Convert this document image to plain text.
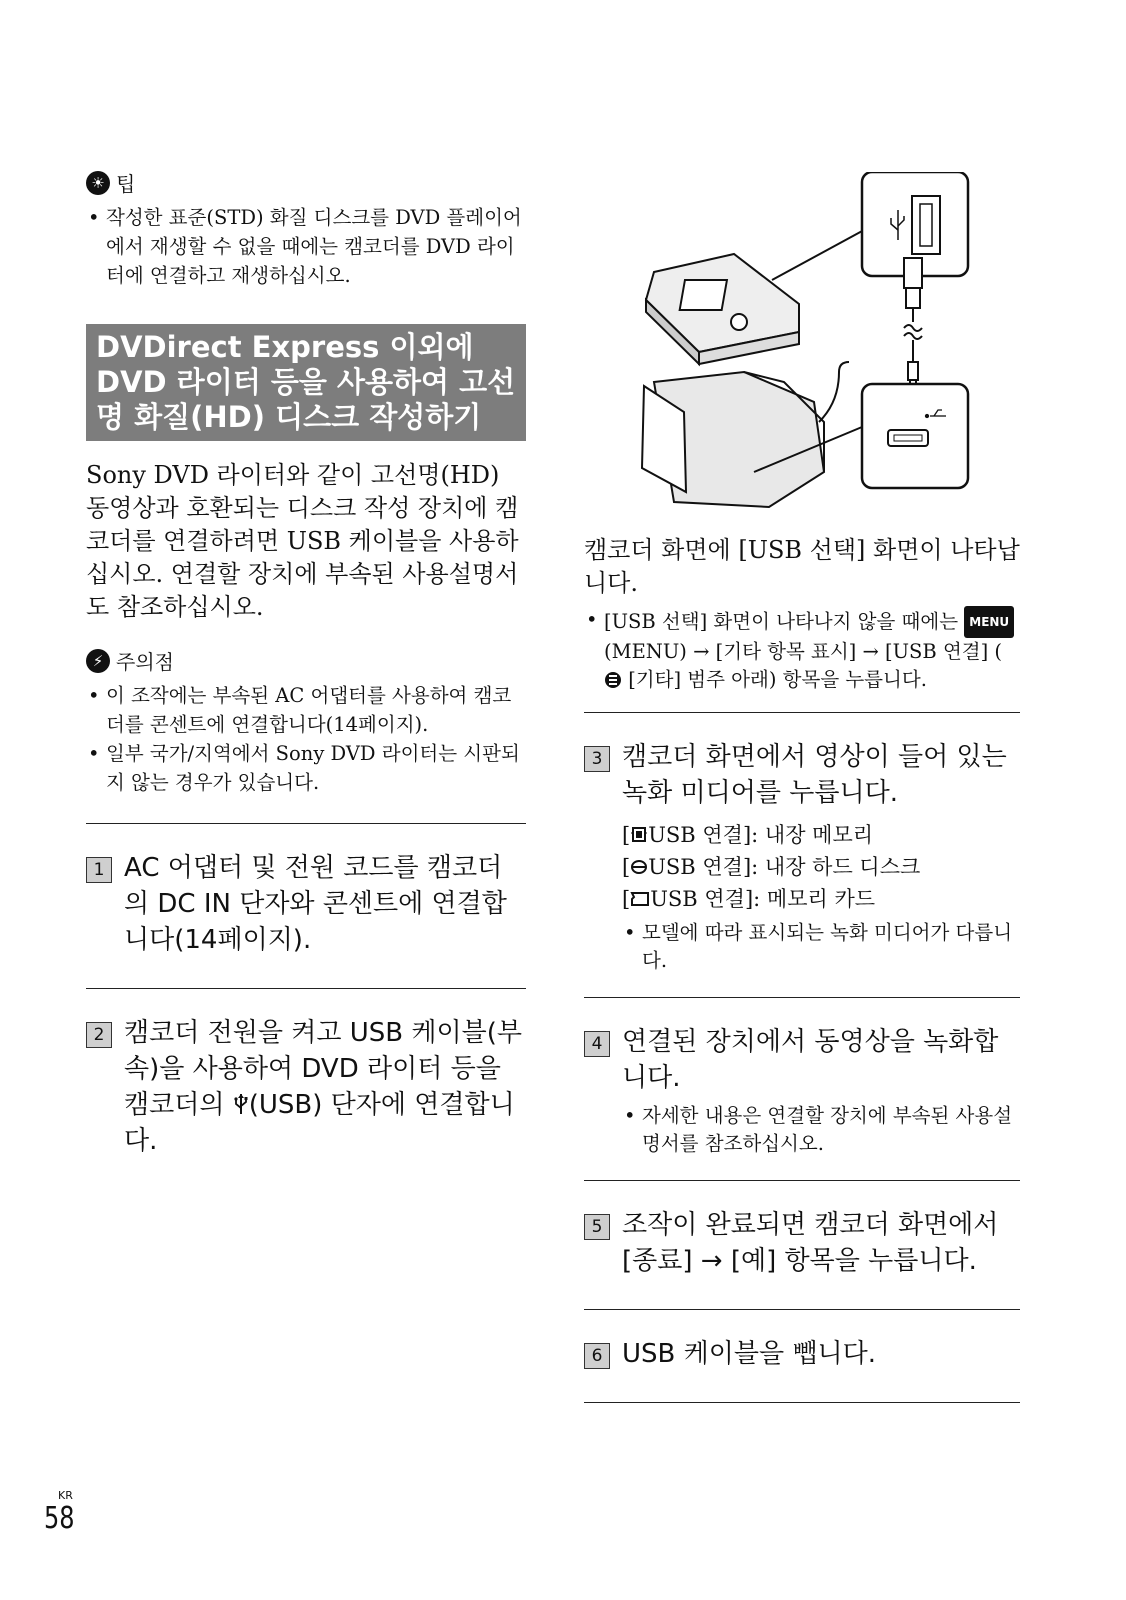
☀ 팁
• 작성한 표준(STD) 화질 디스크를 DVD 플레이어에서 재생할 수 없을 때에는 캠코더를 DVD 라이터에 연결하고 재생하십시오.
DVDirect Express 이외에
DVD 라이터 등을 사용하여 고선
명 화질(HD) 디스크 작성하기

Sony DVD 라이터와 같이 고선명(HD) 동영상과 호환되는 디스크 작성 장치에 캠코더를 연결하려면 USB 케이블을 사용하십시오. 연결할 장치에 부속된 사용설명서도 참조하십시오.

⚡ 주의점
• 이 조작에는 부속된 AC 어댑터를 사용하여 캠코더를 콘센트에 연결합니다(14페이지).
• 일부 국가/지역에서 Sony DVD 라이터는 시판되지 않는 경우가 있습니다.
1 AC 어댑터 및 전원 코드를 캠코더의 DC IN 단자와 콘센트에 연결합니다(14페이지).

2 캠코더 전원을 켜고 USB 케이블(부속)을 사용하여 DVD 라이터 등을 캠코더의 (USB) 단자에 연결합니다.

캠코더 화면에 [USB 선택] 화면이 나타납니다.

• [USB 선택] 화면이 나타나지 않을 때에는 MENU (MENU) → [기타 항목 표시] → [USB 연결] ( [기타] 범주 아래) 항목을 누릅니다.
3 캠코더 화면에서 영상이 들어 있는 녹화 미디어를 누릅니다.

[ USB 연결]: 내장 메모리
[ USB 연결]: 내장 하드 디스크
[ USB 연결]: 메모리 카드
• 모델에 따라 표시되는 녹화 미디어가 다릅니다.
4 연결된 장치에서 동영상을 녹화합니다.

• 자세한 내용은 연결할 장치에 부속된 사용설명서를 참조하십시오.
5 조작이 완료되면 캠코더 화면에서 [종료] → [예] 항목을 누릅니다.

6 USB 케이블을 뺍니다.

KR
58
